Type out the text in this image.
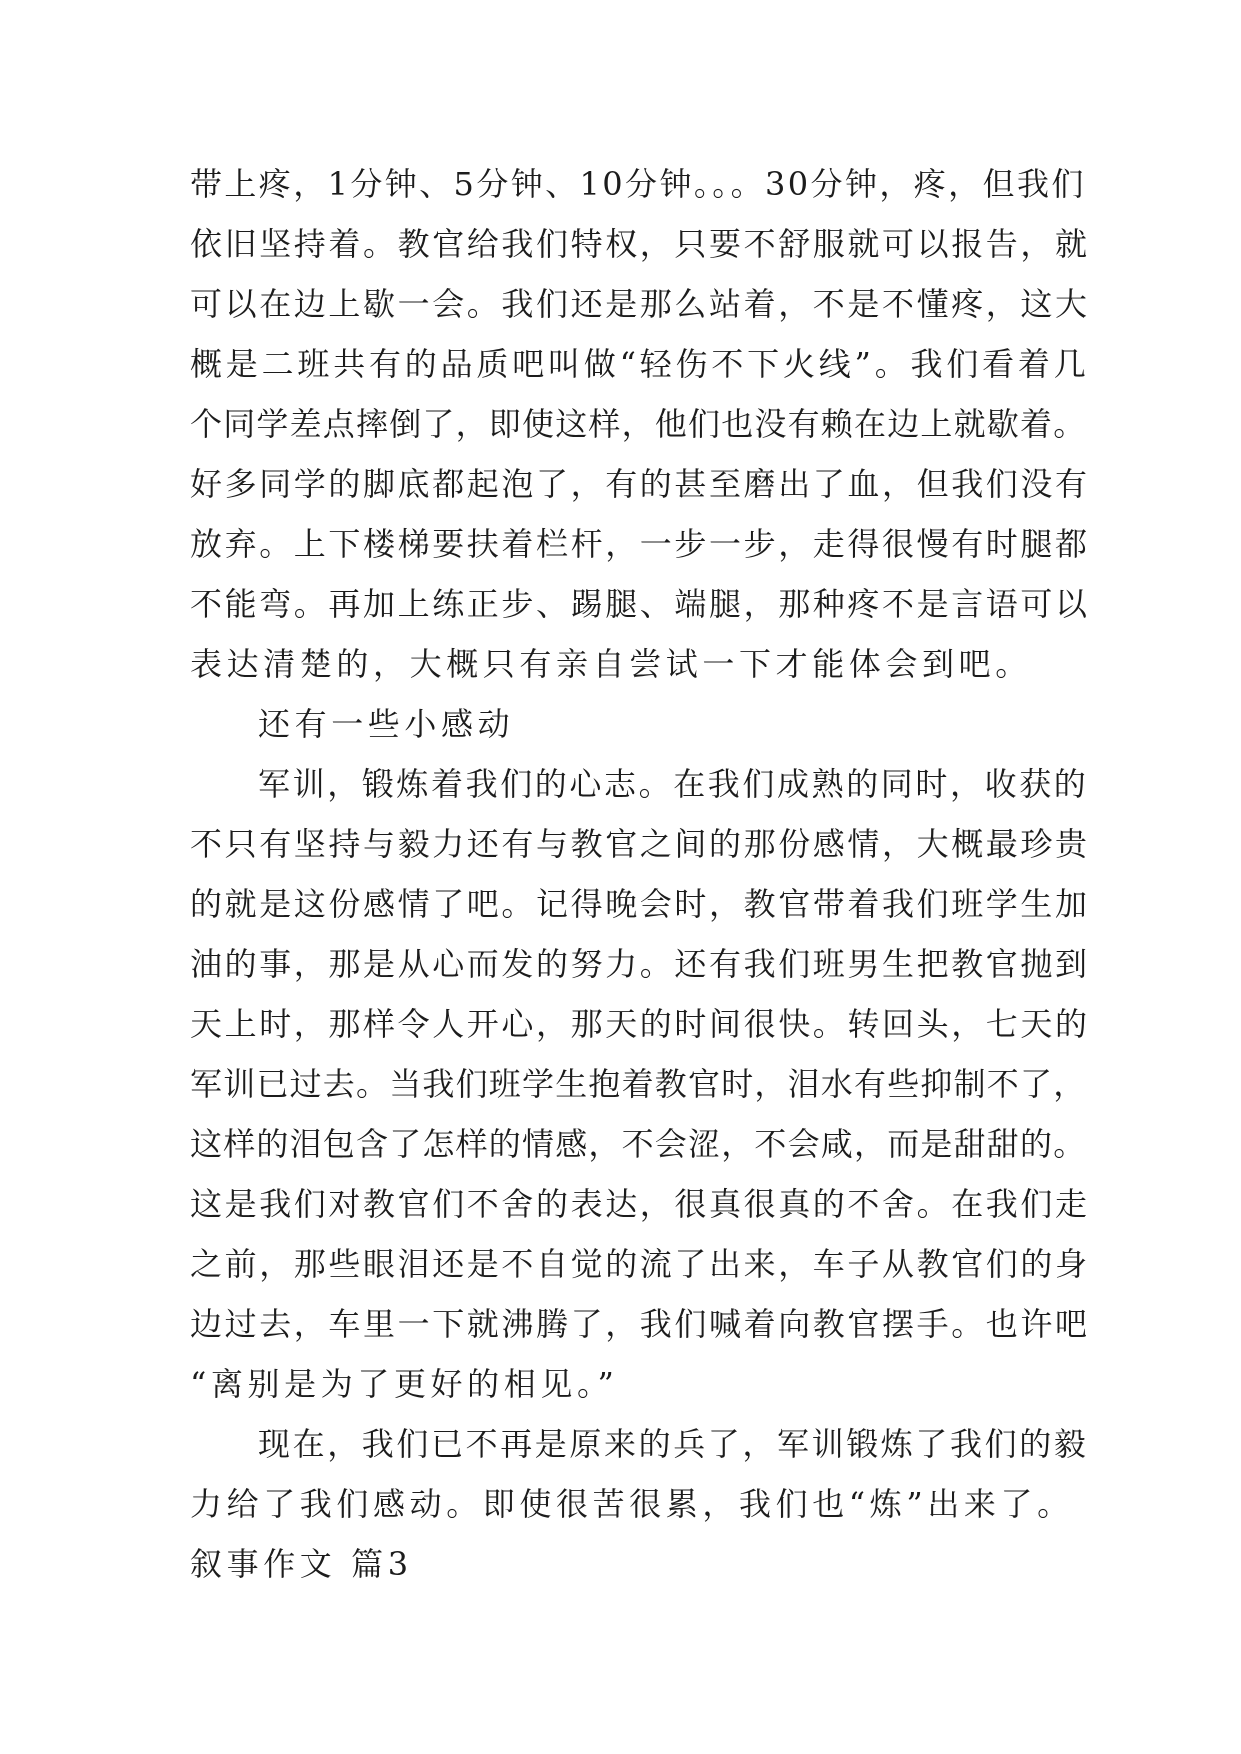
带上疼，1分钟、5分钟、10分钟。。。30分钟，疼，但我们
依旧坚持着。教官给我们特权，只要不舒服就可以报告，就
可以在边上歇一会。我们还是那么站着，不是不懂疼，这大
概是二班共有的品质吧叫做“轻伤不下火线”。我们看着几
个同学差点摔倒了，即使这样，他们也没有赖在边上就歇着。
好多同学的脚底都起泡了，有的甚至磨出了血，但我们没有
放弃。上下楼梯要扶着栏杆，一步一步，走得很慢有时腿都
不能弯。再加上练正步、踢腿、端腿，那种疼不是言语可以
表达清楚的，大概只有亲自尝试一下才能体会到吧。
还有一些小感动
军训，锻炼着我们的心志。在我们成熟的同时，收获的
不只有坚持与毅力还有与教官之间的那份感情，大概最珍贵
的就是这份感情了吧。记得晚会时，教官带着我们班学生加
油的事，那是从心而发的努力。还有我们班男生把教官抛到
天上时，那样令人开心，那天的时间很快。转回头，七天的
军训已过去。当我们班学生抱着教官时，泪水有些抑制不了，
这样的泪包含了怎样的情感，不会涩，不会咸，而是甜甜的。
这是我们对教官们不舍的表达，很真很真的不舍。在我们走
之前，那些眼泪还是不自觉的流了出来，车子从教官们的身
边过去，车里一下就沸腾了，我们喊着向教官摆手。也许吧
“离别是为了更好的相见。”
现在，我们已不再是原来的兵了，军训锻炼了我们的毅
力给了我们感动。即使很苦很累，我们也“炼”出来了。
叙事作文 篇3
